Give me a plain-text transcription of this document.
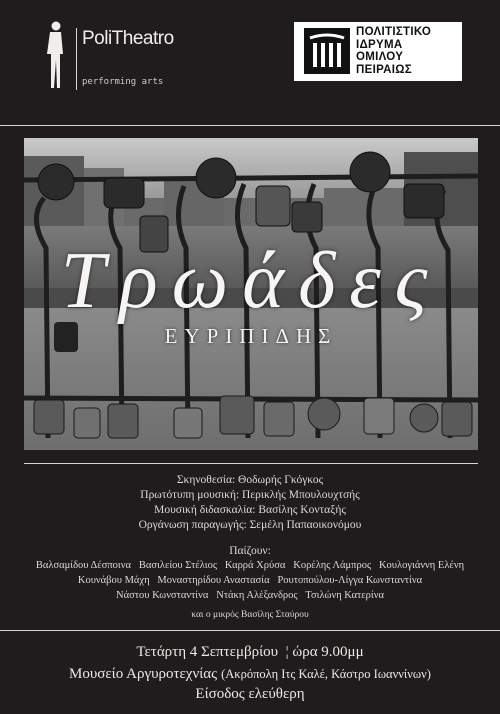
PoliTheatro
performing arts
ΠΟΛΙΤΙΣΤΙΚΟ
ΙΔΡΥΜΑ
ΟΜΙΛΟΥ
ΠΕΙΡΑΙΩΣ
Τρωάδες
ΕΥΡΙΠΙΔΗΣ
Σκηνοθεσία: Θοδωρής Γκόγκος
Πρωτότυπη μουσική: Περικλής Μπουλουχτσής
Μουσική διδασκαλία: Βασίλης Κονταξής
Οργάνωση παραγωγής: Σεμέλη Παπαοικονόμου
Παίζουν:
Βαλσαμίδου Δέσποινα   Βασιλείου Στέλιος   Καρρά Χρύσα   Κορέλης Λάμπρος   Κουλογιάννη Ελένη
Κουνάβου Μάχη   Μοναστηρίδου Αναστασία   Ρουτοπούλου-Λίγγα Κωνσταντίνα
Νάστου Κωνσταντίνα   Ντάκη Αλέξανδρος   Τσιλώνη Κατερίνα
και ο μικρός Βασίλης Σταύρου
Τετάρτη 4 Σεπτεμβρίου  ¦ ώρα 9.00μμ
Μουσείο Αργυροτεχνίας (Ακρόπολη Ιτς Καλέ, Κάστρο Ιωαννίνων)
Είσοδος ελεύθερη
